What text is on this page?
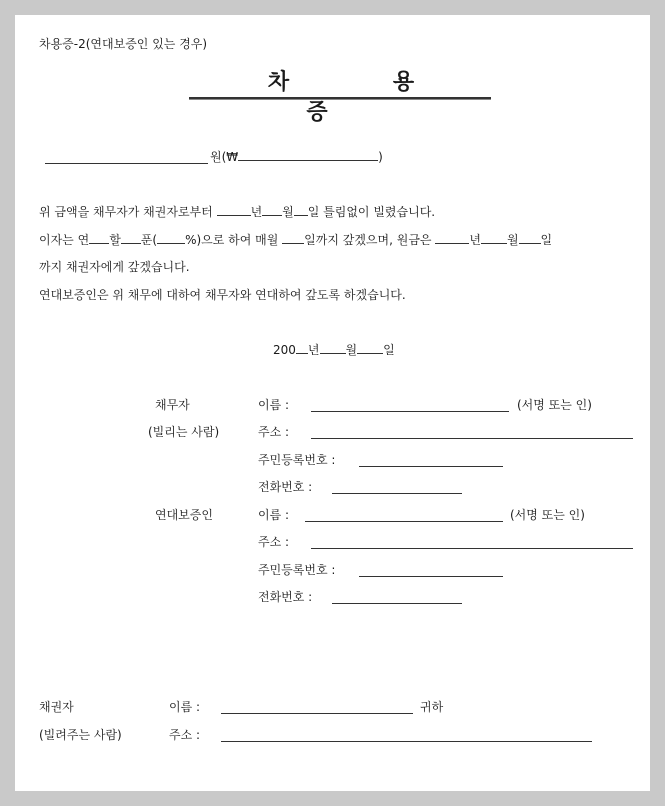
차용증-2(연대보증인 있는 경우)
차 용 증
원(₩	)
위 금액을 채무자가 채권자로부터	년 월 일 틀림없이 빌렸습니다.
이자는 연 할 푼( %)으로 하여 매월 일까지 갚겠으며, 원금은	년 월 일
까지 채권자에게 갚겠습니다.
연대보증인은 위 채무에 대하여 채무자와 연대하여 갚도록 하겠습니다.
200 년 월 일
채무자
(빌리는 사람)
이름 :	(서명 또는 인)
주소 :
주민등록번호 :
전화번호 :
연대보증인	이름 :	(서명 또는 인)
주소 :
주민등록번호 :
전화번호 :
채권자
(빌려주는 사람)
이름 :	귀하
주소 :
